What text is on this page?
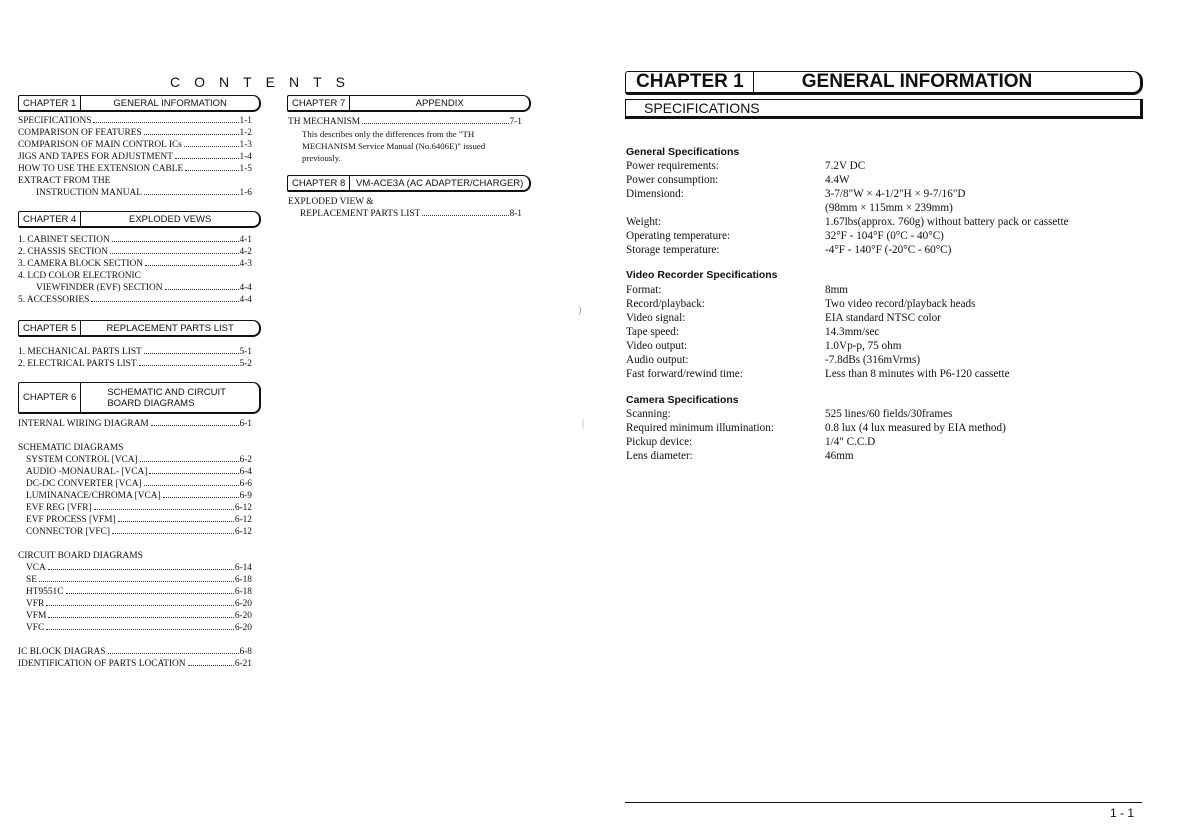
CONTENTS
CHAPTER 1	GENERAL INFORMATION
SPECIFICATIONS	1-1
COMPARISON OF FEATURES	1-2
COMPARISON OF MAIN CONTROL ICs	1-3
JIGS AND TAPES FOR ADJUSTMENT	1-4
HOW TO USE THE EXTENSION CABLE	1-5
EXTRACT FROM THE
INSTRUCTION MANUAL	1-6
CHAPTER 4	EXPLODED VEWS
1. CABINET SECTION	4-1
2. CHASSIS SECTION	4-2
3. CAMERA BLOCK SECTION	4-3
4. LCD COLOR ELECTRONIC
VIEWFINDER (EVF) SECTION	4-4
5. ACCESSORIES	4-4
CHAPTER 5	REPLACEMENT PARTS LIST
1. MECHANICAL PARTS LIST	5-1
2. ELECTRICAL PARTS LIST	5-2
CHAPTER 6	SCHEMATIC AND CIRCUIT
BOARD DIAGRAMS
INTERNAL WIRING DIAGRAM	6-1
SCHEMATIC DIAGRAMS
SYSTEM CONTROL [VCA]	6-2
AUDIO -MONAURAL- [VCA]	6-4
DC-DC CONVERTER [VCA]	6-6
LUMINANACE/CHROMA [VCA]	6-9
EVF REG [VFR]	6-12
EVF PROCESS [VFM]	6-12
CONNECTOR [VFC]	6-12
CIRCUIT BOARD DIAGRAMS
VCA	6-14
SE	6-18
HT9551C	6-18
VFR	6-20
VFM	6-20
VFC	6-20
IC BLOCK DIAGRAS	6-8
IDENTIFICATION OF PARTS LOCATION	6-21
CHAPTER 7	APPENDIX
TH MECHANISM	7-1
This describes only the differences from the "TH
MECHANISM Service Manual (No.6406E)" issued
previously.
CHAPTER 8	VM-ACE3A (AC ADAPTER/CHARGER)
EXPLODED VIEW &
REPLACEMENT PARTS LIST	8-1
)
|
CHAPTER 1	GENERAL INFORMATION
SPECIFICATIONS
General Specifications
Power requirements:	7.2V DC
Power consumption:	4.4W
Dimensiond:	3-7/8"W × 4-1/2"H × 9-7/16"D
(98mm × 115mm × 239mm)
Weight:	1.67lbs(approx. 760g) without battery pack or cassette
Operating temperature:	32°F - 104°F (0°C - 40°C)
Storage temperature:	-4°F - 140°F (-20°C - 60°C)
Video Recorder Specifications
Format:	8mm
Record/playback:	Two video record/playback heads
Video signal:	EIA standard NTSC color
Tape speed:	14.3mm/sec
Video output:	1.0Vp-p, 75 ohm
Audio output:	-7.8dBs (316mVrms)
Fast forward/rewind time:	Less than 8 minutes with P6-120 cassette
Camera Specifications
Scanning:	525 lines/60 fields/30frames
Required minimum illumination:	0.8 lux (4 lux measured by EIA method)
Pickup device:	1/4" C.C.D
Lens diameter:	46mm
1 - 1
